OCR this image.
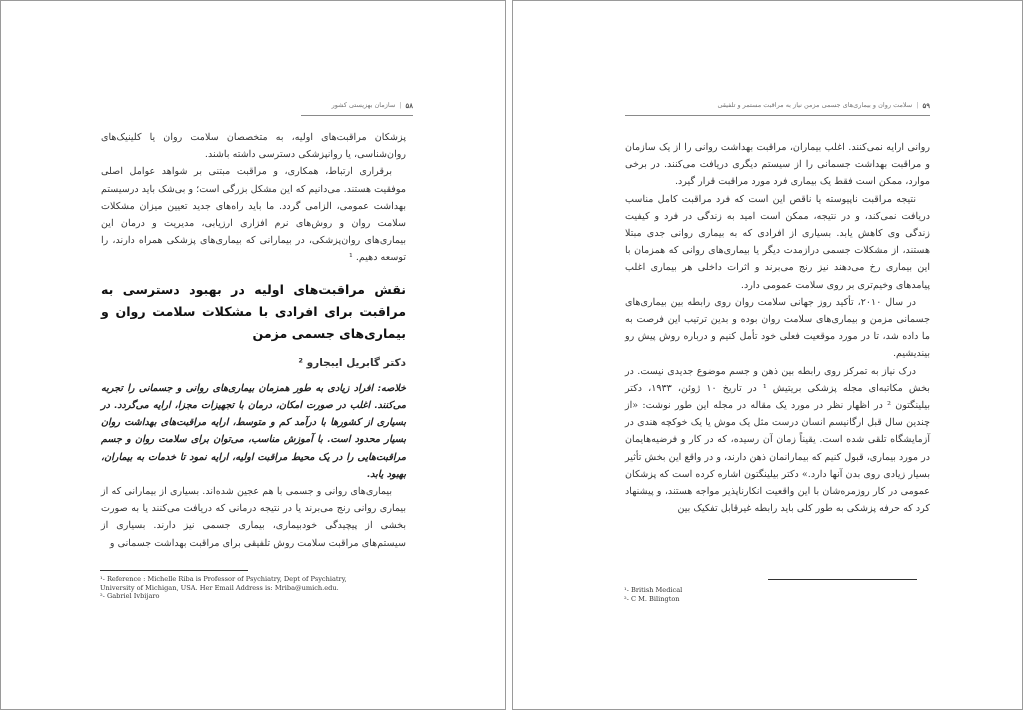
۵۸
|
سازمان بهزیستی کشور

پزشکان مراقبت‌های اولیه، به متخصصان سلامت روان یا کلینیک‌های روان‌شناسی، یا روانپزشکی دسترسی داشته باشند.

برقراری ارتباط، همکاری، و مراقبت مبتنی بر شواهد عوامل اصلی موفقیت هستند. می‌دانیم که این مشکل بزرگی است؛ و بی‌شک باید درسیستم بهداشت عمومی، الزامی گردد. ما باید راه‌های جدید تعیین میزان مشکلات سلامت روان و روش‌های نرم افزاری ارزیابی، مدیریت و درمان این بیماری‌های روان‌پزشکی، در بیمارانی که بیماری‌های پزشکی همراه دارند، را توسعه دهیم. ¹

نقش مراقبت‌های اولیه در بهبود دسترسی به مراقبت برای افرادی با مشکلات سلامت روان و بیماری‌های جسمی مزمن

دکتر گابریل ایبجارو ²

خلاصه: افراد زیادی به طور همزمان بیماری‌های روانی و جسمانی را تجربه می‌کنند. اغلب در صورت امکان، درمان با تجهیزات مجزا، ارایه می‌گردد. در بسیاری از کشورها با درآمد کم و متوسط، ارایه مراقبت‌های بهداشت روان بسیار محدود است. با آموزش مناسب، می‌توان برای سلامت روان و جسم مراقبت‌هایی را در یک محیط مراقبت اولیه، ارایه نمود تا خدمات به بیماران، بهبود یابد.

بیماری‌های روانی و جسمی با هم عجین شده‌اند. بسیاری از بیمارانی که از بیماری روانی رنج می‌برند یا در نتیجه درمانی که دریافت می‌کنند یا به صورت بخشی از پیچیدگی خودبیماری، بیماری جسمی نیز دارند. بسیاری از سیستم‌های مراقبت سلامت روش تلفیقی برای مراقبت بهداشت جسمانی و

¹- Reference : Michelle Riba is Professor of Psychiatry, Dept of Psychiatry,
University of Michigan, USA. Her Email Address is: Mriba@umich.edu.
²- Gabriel Ivbijaro
۵۹
|
سلامت روان و بیماری‌های جسمی مزمن نیاز به مراقبت مستمر و تلفیقی

روانی ارایه نمی‌کنند. اغلب بیماران، مراقبت بهداشت روانی را از یک سازمان و مراقبت بهداشت جسمانی را از سیستم دیگری دریافت می‌کنند. در برخی موارد، ممکن است فقط یک بیماری فرد مورد مراقبت قرار گیرد.

نتیجه مراقبت ناپیوسته یا ناقص این است که فرد مراقبت کامل مناسب دریافت نمی‌کند، و در نتیجه، ممکن است امید به زندگی در فرد و کیفیت زندگی وی کاهش یابد. بسیاری از افرادی که به بیماری روانی جدی مبتلا هستند، از مشکلات جسمی درازمدت دیگر یا بیماری‌های روانی که همزمان با این بیماری رخ می‌دهند نیز رنج می‌برند و اثرات داخلی هر بیماری اغلب پیامدهای وخیم‌تری بر روی سلامت عمومی دارد.

در سال ۲۰۱۰، تأکید روز جهانی سلامت روان روی رابطه بین بیماری‌های جسمانی مزمن و بیماری‌های سلامت روان بوده و بدین ترتیب این فرصت به ما داده شد، تا در مورد موقعیت فعلی خود تأمل کنیم و درباره روش پیش رو بیندیشیم.

درک نیاز به تمرکز روی رابطه بین ذهن و جسم موضوع جدیدی نیست. در بخش مکاتبه‌ای مجله پزشکی بریتیش ¹ در تاریخ ۱۰ ژوئن، ۱۹۳۳، دکتر بیلینگتون ² در اظهار نظر در مورد یک مقاله در مجله این طور نوشت: «از چندین سال قبل ارگانیسم انسان درست مثل یک موش یا یک خوکچه هندی در آزمایشگاه تلقی شده است. یقیناً زمان آن رسیده، که در کار و فرضیه‌هایمان در مورد بیماری، قبول کنیم که بیمارانمان ذهن دارند، و در واقع این بخش تأثیر بسیار زیادی روی بدن آنها دارد.» دکتر بیلینگتون اشاره کرده است که پزشکان عمومی در کار روزمره‌شان با این واقعیت انکارناپذیر مواجه هستند، و پیشنهاد کرد که حرفه پزشکی به طور کلی باید رابطه غیرقابل تفکیک بین

¹- British Medical
²- C M. Bilington
